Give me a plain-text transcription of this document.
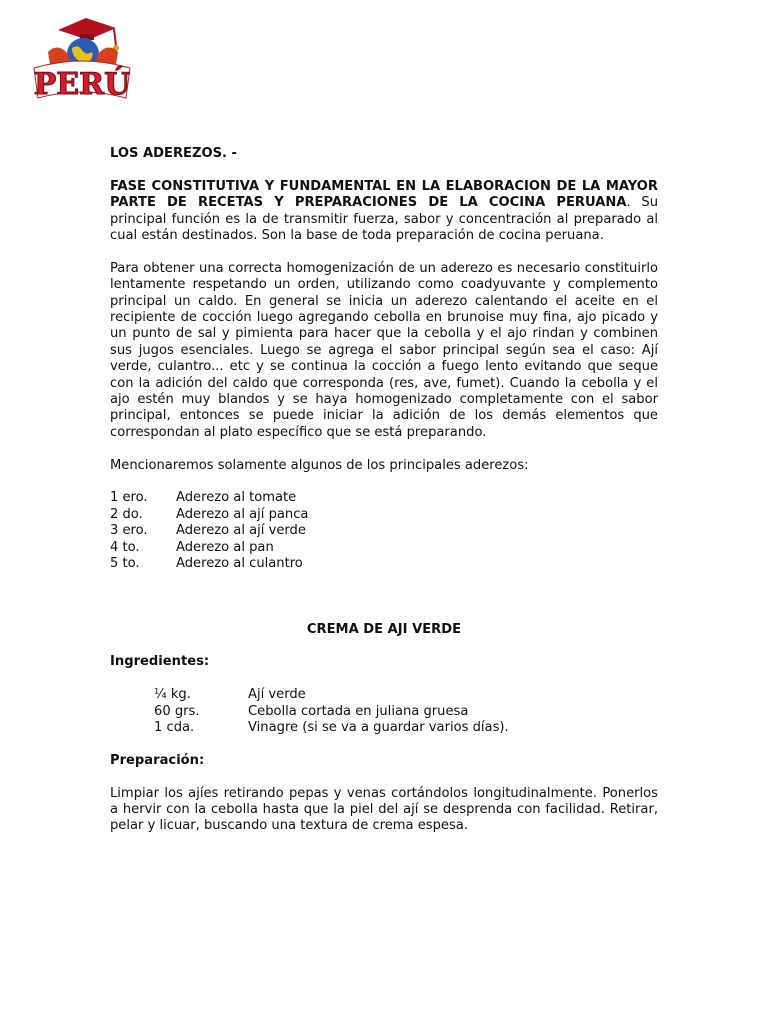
PERÚ

LOS ADEREZOS. -

FASE CONSTITUTIVA Y FUNDAMENTAL EN LA ELABORACION DE LA MAYOR PARTE DE RECETAS Y PREPARACIONES DE LA COCINA PERUANA. Su principal función es la de transmitir fuerza, sabor y concentración al preparado al cual están destinados. Son la base de toda preparación de cocina peruana.

Para obtener una correcta homogenización de un aderezo es necesario constituirlo lentamente respetando un orden, utilizando como coadyuvante y complemento principal un caldo. En general se inicia un aderezo calentando el aceite en el recipiente de cocción luego agregando cebolla en brunoise muy fina, ajo picado y un punto de sal y pimienta para hacer que la cebolla y el ajo rindan y combinen sus jugos esenciales. Luego se agrega el sabor principal según sea el caso: Ají verde, culantro... etc y se continua la cocción a fuego lento evitando que seque con la adición del caldo que corresponda (res, ave, fumet). Cuando la cebolla y el ajo estén muy blandos y se haya homogenizado completamente con el sabor principal, entonces se puede iniciar la adición de los demás elementos que correspondan al plato específico que se está preparando.

Mencionaremos solamente algunos de los principales aderezos:

1 ero.	Aderezo al tomate
2 do.	Aderezo al ají panca
3 ero.	Aderezo al ají verde
4 to.	Aderezo al pan
5 to.	Aderezo al culantro

CREMA DE AJI VERDE

Ingredientes:

¼ kg.	Ají verde
60 grs.	Cebolla cortada en juliana gruesa
1 cda.	Vinagre (si se va a guardar varios días).

Preparación:

Limpiar los ajíes retirando pepas y venas cortándolos longitudinalmente. Ponerlos a hervir con la cebolla hasta que la piel del ají se desprenda con facilidad. Retirar, pelar y licuar, buscando una textura de crema espesa.
